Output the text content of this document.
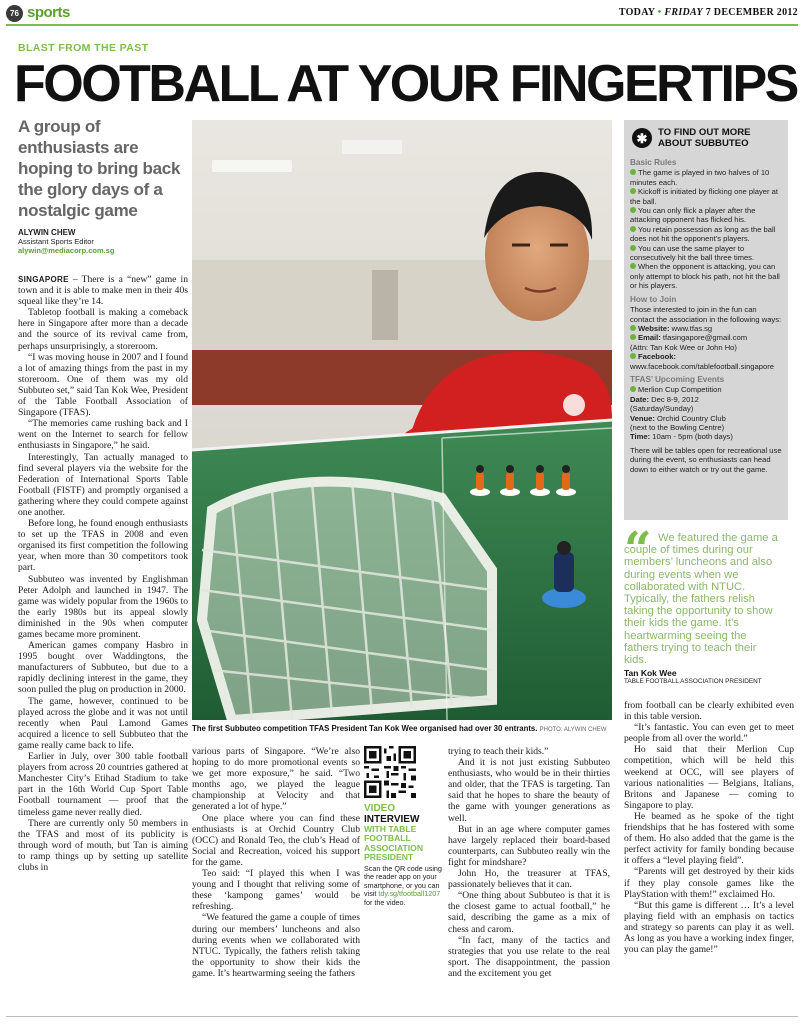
76 sports	TODAY • FRIDAY 7 DECEMBER 2012
BLAST FROM THE PAST
FOOTBALL AT YOUR FINGERTIPS
A group of enthusiasts are hoping to bring back the glory days of a nostalgic game
ALYWIN CHEW
Assistant Sports Editor
alywin@mediacorp.com.sg

SINGAPORE – There is a “new” game in town and it is able to make men in their 40s squeal like they’re 14.

Tabletop football is making a comeback here in Singapore after more than a decade and the source of its revival came from, perhaps unsurprisingly, a storeroom.

“I was moving house in 2007 and I found a lot of amazing things from the past in my storeroom. One of them was my old Subbuteo set,” said Tan Kok Wee, President of the Table Football Association of Singapore (TFAS).

“The memories came rushing back and I went on the Internet to search for fellow enthusiasts in Singapore,” he said.

Interestingly, Tan actually managed to find several players via the website for the Federation of International Sports Table Football (FISTF) and promptly organised a gathering where they could compete against one another.

Before long, he found enough enthusiasts to set up the TFAS in 2008 and even organised its first competition the following year, when more than 30 competitors took part.

Subbuteo was invented by Englishman Peter Adolph and launched in 1947. The game was widely popular from the 1960s to the early 1980s but its appeal slowly diminished in the 90s when computer games became more prominent.

American games company Hasbro in 1995 bought over Waddingtons, the manufacturers of Subbuteo, but due to a rapidly declining interest in the game, they soon pulled the plug on production in 2000.

The game, however, continued to be played across the globe and it was not until recently when Paul Lamond Games acquired a licence to sell Subbuteo that the game really came back to life.

Earlier in July, over 300 table football players from across 20 countries gathered at Manchester City’s Etihad Stadium to take part in the 16th World Cup Sport Table Football tournament — proof that the timeless game never really died.

There are currently only 50 members in the TFAS and most of its publicity is through word of mouth, but Tan is aiming to ramp things up by setting up satellite clubs in

various parts of Singapore. “We’re also hoping to do more promotional events so we get more exposure,” he said. “Two months ago, we played the league championship at Velocity and that generated a lot of hype.”

One place where you can find these enthusiasts is at Orchid Country Club (OCC) and Ronald Teo, the club’s Head of Social and Recreation, voiced his support for the game.

Teo said: “I played this when I was young and I thought that reliving some of these ‘kampong games’ would be refreshing.

“We featured the game a couple of times during our members’ luncheons and also during events when we collaborated with NTUC. Typically, the fathers relish taking the opportunity to show their kids the game. It’s heartwarming seeing the fathers

trying to teach their kids.”

And it is not just existing Subbuteo enthusiasts, who would be in their thirties and older, that the TFAS is targeting. Tan said that he hopes to share the beauty of the game with younger generations as well.

But in an age where computer games have largely replaced their board-based counterparts, can Subbuteo really win the fight for mindshare?

John Ho, the treasurer at TFAS, passionately believes that it can.

“One thing about Subbuteo is that it is the closest game to actual football,” he said, describing the game as a mix of chess and carom.

“In fact, many of the tactics and strategies that you use relate to the real sport. The disappointment, the passion and the excitement you get

from football can be clearly exhibited even in this table version.

“It’s fantastic. You can even get to meet people from all over the world.”

Ho said that their Merlion Cup competition, which will be held this weekend at OCC, will see players of various nationalities — Belgians, Italians, Britons and Japanese — coming to Singapore to play.

He beamed as he spoke of the tight friendships that he has fostered with some of them. Ho also added that the game is the perfect activity for family bonding because it offers a “level playing field”.

“Parents will get destroyed by their kids if they play console games like the PlayStation with them!” exclaimed Ho.

“But this game is different … It’s a level playing field with an emphasis on tactics and strategy so parents can play it as well. As long as you have a working index finger, you can play the game!”

The first Subbuteo competition TFAS President Tan Kok Wee organised had over 30 entrants. PHOTO: ALYWIN CHEW
✱	TO FIND OUT MORE
ABOUT SUBBUTEO
Basic Rules
The game is played in two halves of 10 minutes each.
Kickoff is initiated by flicking one player at the ball.
You can only flick a player after the attacking opponent has flicked his.
You retain possession as long as the ball does not hit the opponent’s players.
You can use the same player to consecutively hit the ball three times.
When the opponent is attacking, you can only attempt to block his path, not hit the ball or his players.
How to Join
Those interested to join in the fun can contact the association in the following ways:
Website: www.tfas.sg
Email: tfasingapore@gmail.com
(Attn: Tan Kok Wee or John Ho)
Facebook: www.facebook.com/tablefootball.singapore
TFAS’ Upcoming Events
Merlion Cup Competition
Date: Dec 8-9, 2012
(Saturday/Sunday)
Venue: Orchid Country Club
(next to the Bowling Centre)
Time: 10am - 5pm (both days)
There will be tables open for recreational use during the event, so enthusiasts can head down to either watch or try out the game.
“ We featured the game a couple of times during our members’ luncheons and also during events when we collaborated with NTUC. Typically, the fathers relish taking the opportunity to show their kids the game. It’s heartwarming seeing the fathers trying to teach their kids.
Tan Kok Wee
TABLE FOOTBALL ASSOCIATION PRESIDENT
VIDEO
INTERVIEW
WITH TABLE FOOTBALL ASSOCIATION PRESIDENT
Scan the QR code using the reader app on your smartphone, or you can visit tdy.sg/tfootball1207 for the video.
